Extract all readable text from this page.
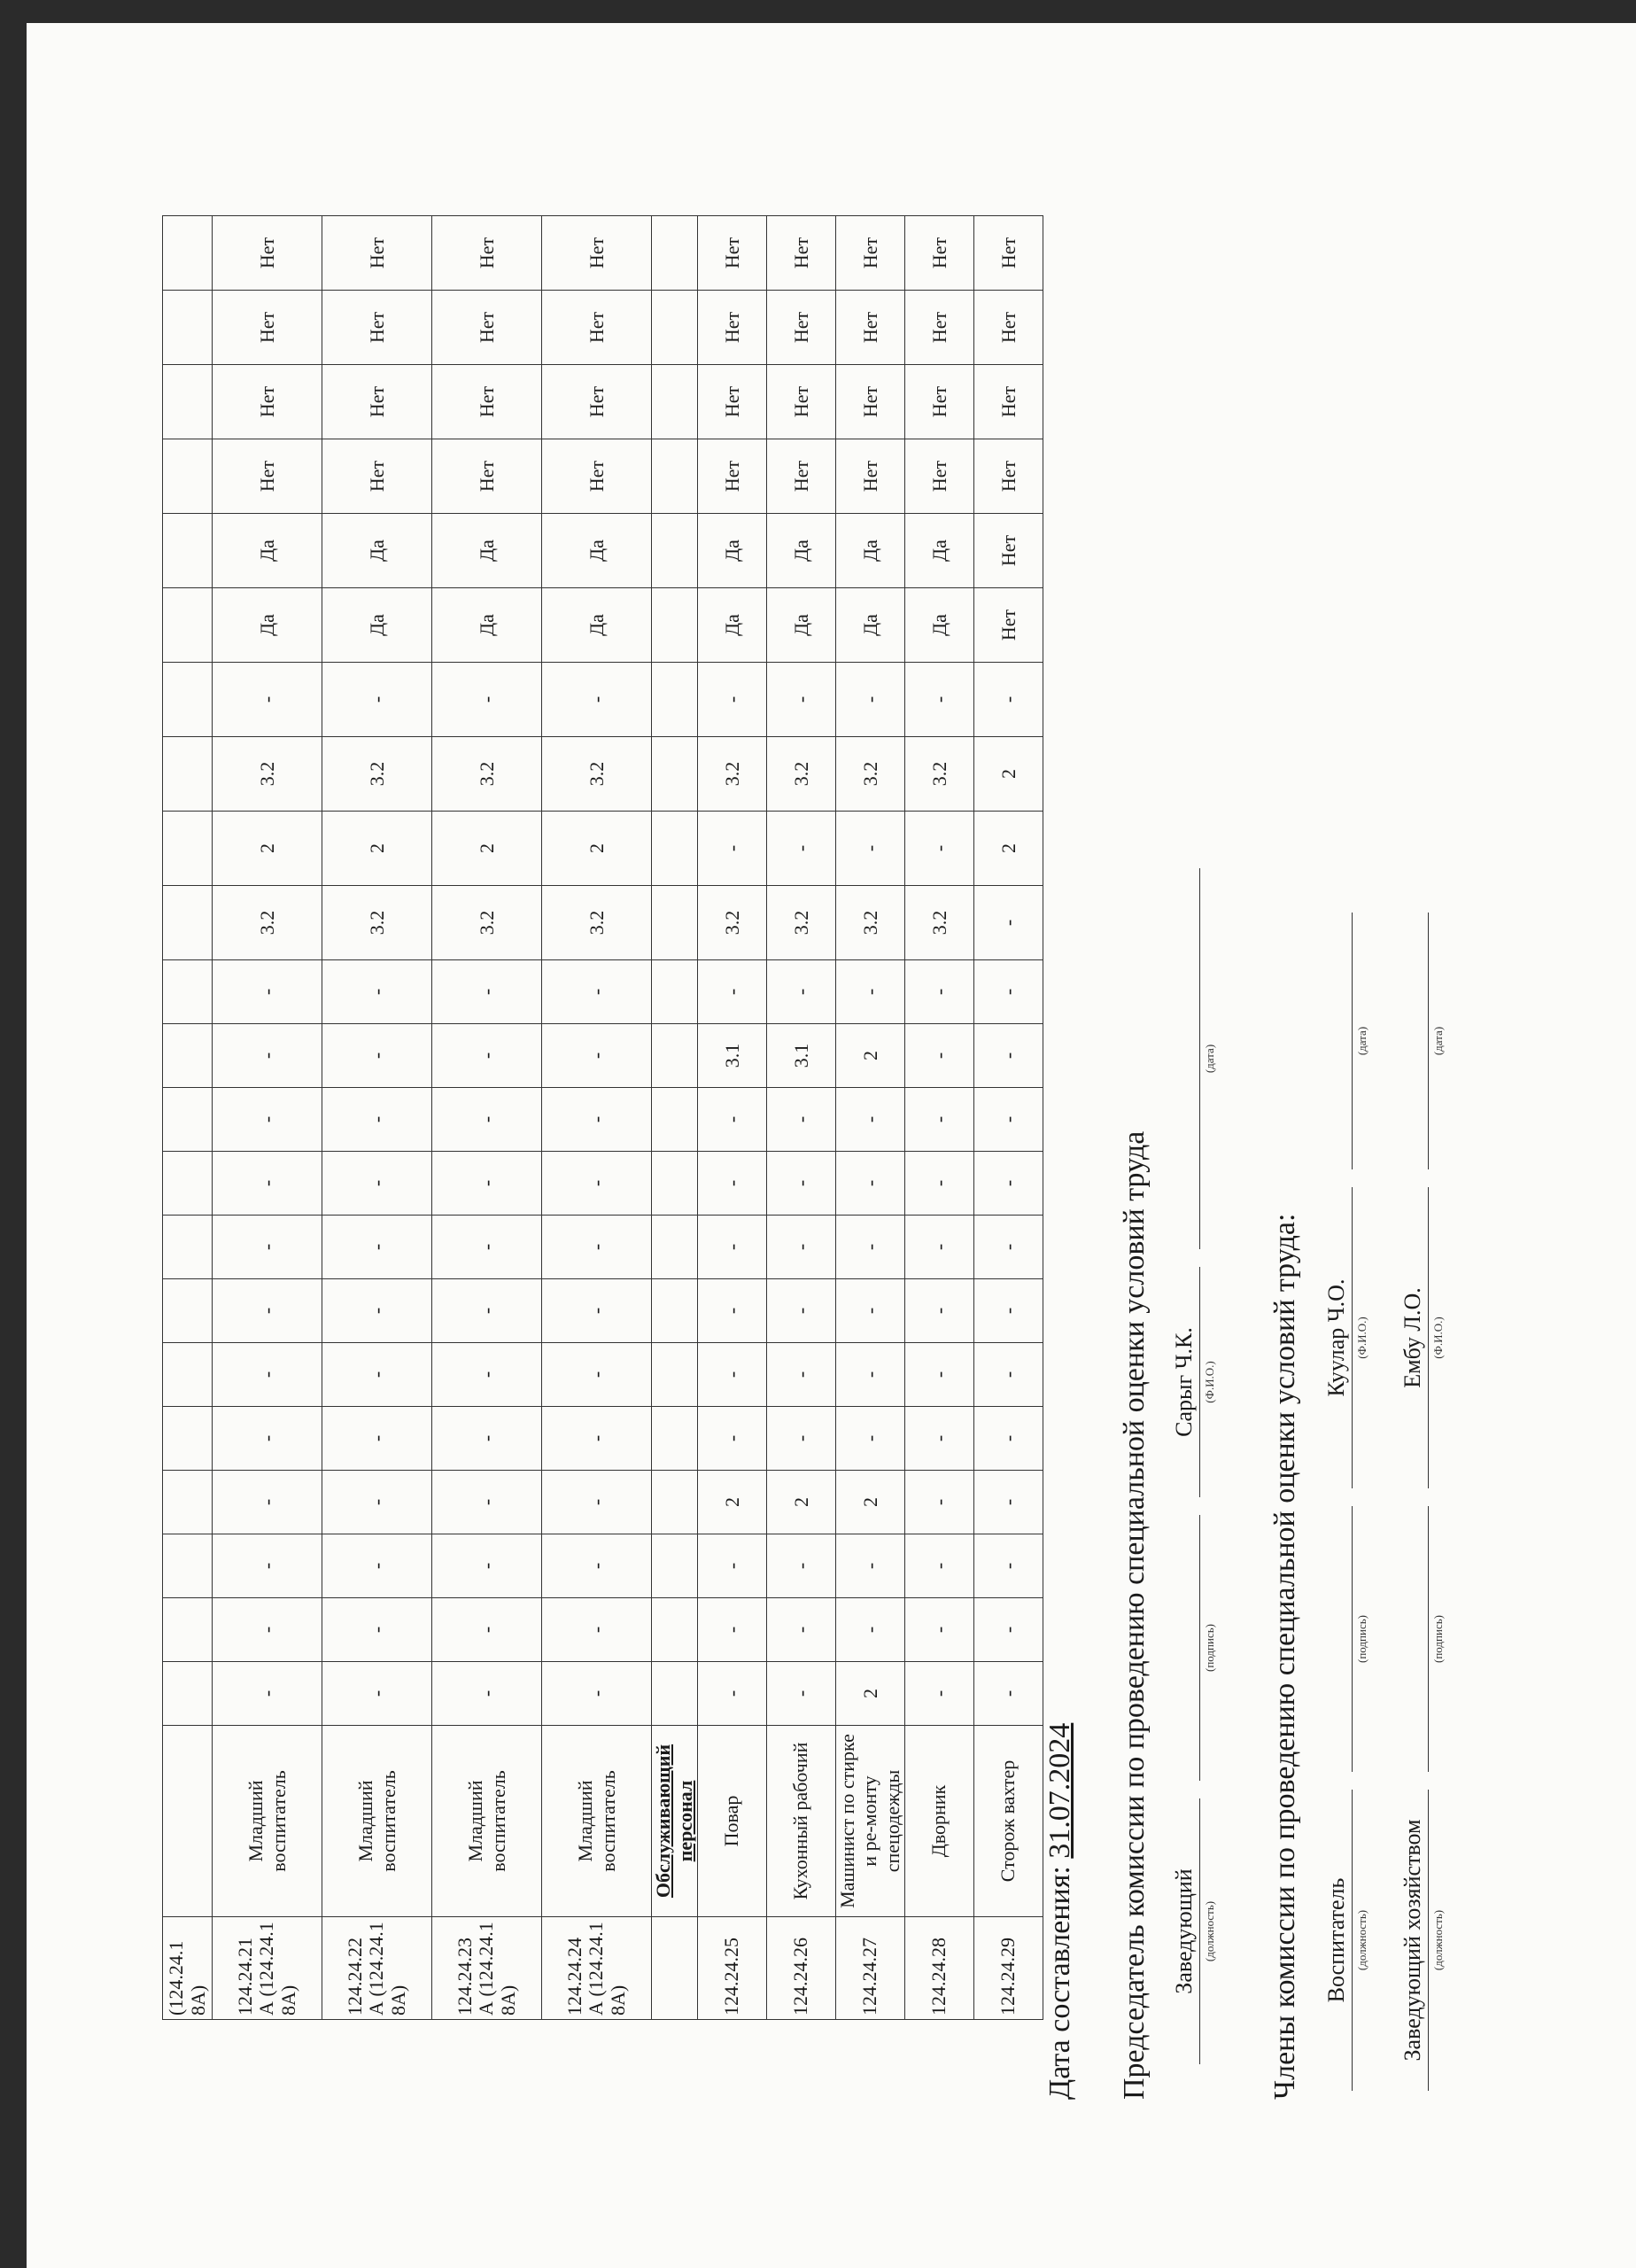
(124.24.1 8А)																							
124.24.21 А (124.24.1 8А)	Младший воспитатель	-	-	-	-	-	-	-	-	-	-	-	-	3.2	2	3.2	-	Да	Да	Нет	Нет	Нет	Нет
124.24.22 А (124.24.1 8А)	Младший воспитатель	-	-	-	-	-	-	-	-	-	-	-	-	3.2	2	3.2	-	Да	Да	Нет	Нет	Нет	Нет
124.24.23 А (124.24.1 8А)	Младший воспитатель	-	-	-	-	-	-	-	-	-	-	-	-	3.2	2	3.2	-	Да	Да	Нет	Нет	Нет	Нет
124.24.24 А (124.24.1 8А)	Младший воспитатель	-	-	-	-	-	-	-	-	-	-	-	-	3.2	2	3.2	-	Да	Да	Нет	Нет	Нет	Нет
	Обслуживающий персонал																						
124.24.25	Повар	-	-	-	2	-	-	-	-	-	-	3.1	-	3.2	-	3.2	-	Да	Да	Нет	Нет	Нет	Нет
124.24.26	Кухонный рабочий	-	-	-	2	-	-	-	-	-	-	3.1	-	3.2	-	3.2	-	Да	Да	Нет	Нет	Нет	Нет
124.24.27	Машинист по стирке и ре-монту спецодежды	2	-	-	2	-	-	-	-	-	-	2	-	3.2	-	3.2	-	Да	Да	Нет	Нет	Нет	Нет
124.24.28	Дворник	-	-	-	-	-	-	-	-	-	-	-	-	3.2	-	3.2	-	Да	Да	Нет	Нет	Нет	Нет
124.24.29	Сторож вахтер	-	-	-	-	-	-	-	-	-	-	-	-	-	2	2	-	Нет	Нет	Нет	Нет	Нет	Нет
Дата составления: 31.07.2024 Председатель комиссии по проведению специальной оценки условий труда Заведующий (должность)
(подпись)
Сарыг Ч.К. (Ф.И.О.)
(дата)
Члены комиссии по проведению специальной оценки условий труда: Воспитатель (должность)
(подпись)
Куулар Ч.О. (Ф.И.О.)
(дата)
Заведующий хозяйством (должность)
(подпись)
Ембу Л.О. (Ф.И.О.)
(дата)
